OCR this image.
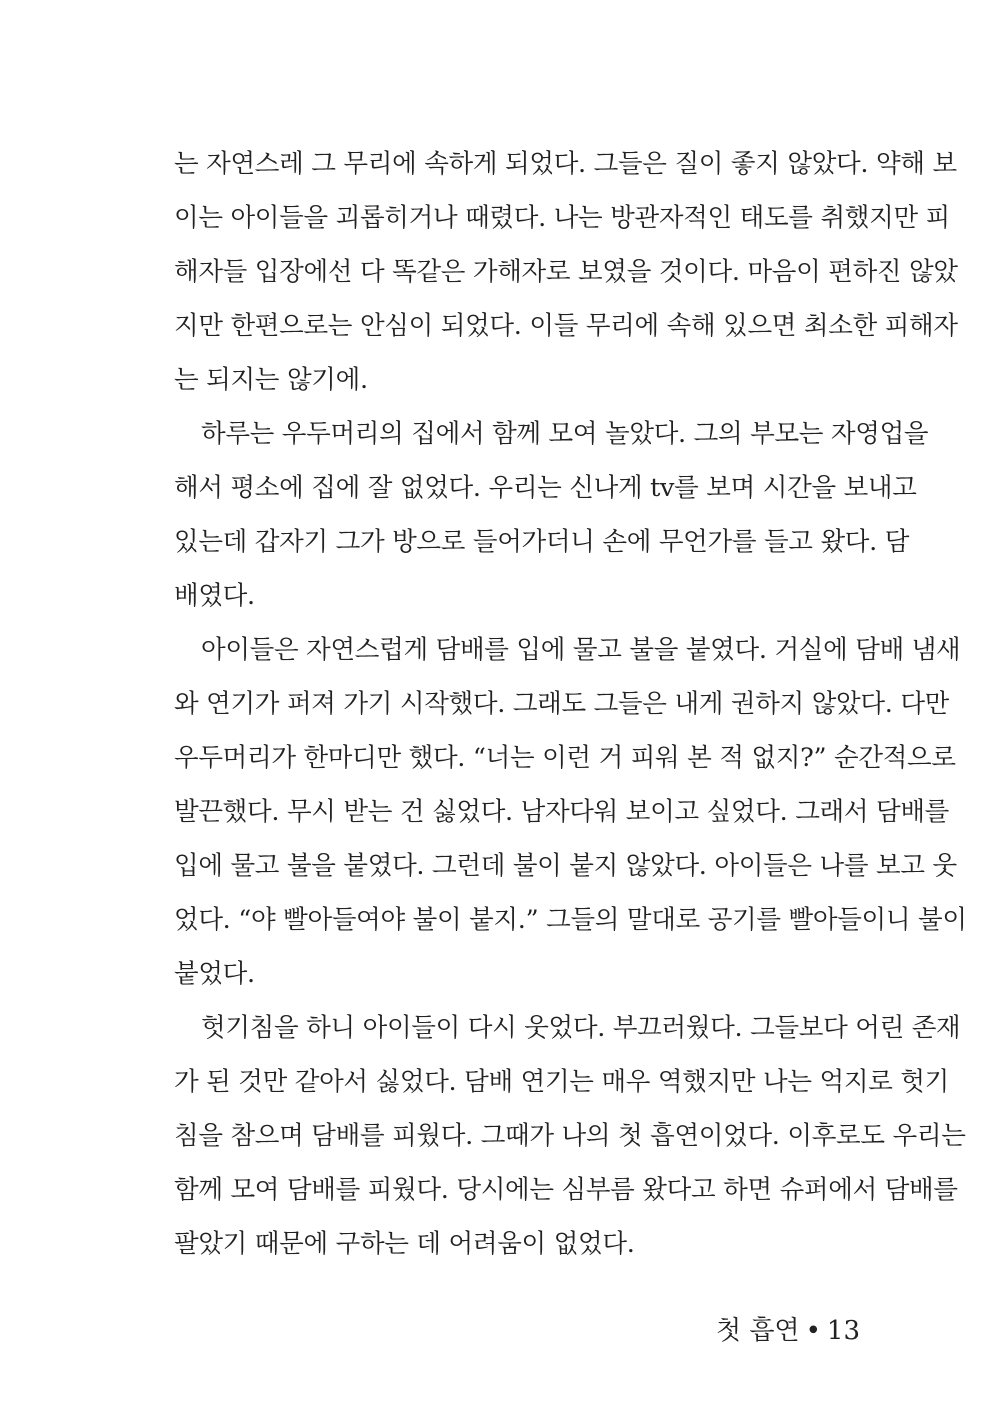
는 자연스레 그 무리에 속하게 되었다. 그들은 질이 좋지 않았다. 약해 보
이는 아이들을 괴롭히거나 때렸다. 나는 방관자적인 태도를 취했지만 피
해자들 입장에선 다 똑같은 가해자로 보였을 것이다. 마음이 편하진 않았
지만 한편으로는 안심이 되었다. 이들 무리에 속해 있으면 최소한 피해자
는 되지는 않기에.
하루는 우두머리의 집에서 함께 모여 놀았다. 그의 부모는 자영업을
해서 평소에 집에 잘 없었다. 우리는 신나게 tv를 보며 시간을 보내고
있는데 갑자기 그가 방으로 들어가더니 손에 무언가를 들고 왔다. 담
배였다.
아이들은 자연스럽게 담배를 입에 물고 불을 붙였다. 거실에 담배 냄새
와 연기가 퍼져 가기 시작했다. 그래도 그들은 내게 권하지 않았다. 다만
우두머리가 한마디만 했다. “너는 이런 거 피워 본 적 없지?” 순간적으로
발끈했다. 무시 받는 건 싫었다. 남자다워 보이고 싶었다. 그래서 담배를
입에 물고 불을 붙였다. 그런데 불이 붙지 않았다. 아이들은 나를 보고 웃
었다. “야 빨아들여야 불이 붙지.” 그들의 말대로 공기를 빨아들이니 불이
붙었다.
헛기침을 하니 아이들이 다시 웃었다. 부끄러웠다. 그들보다 어린 존재
가 된 것만 같아서 싫었다. 담배 연기는 매우 역했지만 나는 억지로 헛기
침을 참으며 담배를 피웠다. 그때가 나의 첫 흡연이었다. 이후로도 우리는
함께 모여 담배를 피웠다. 당시에는 심부름 왔다고 하면 슈퍼에서 담배를
팔았기 때문에 구하는 데 어려움이 없었다.
첫 흡연 • 13
